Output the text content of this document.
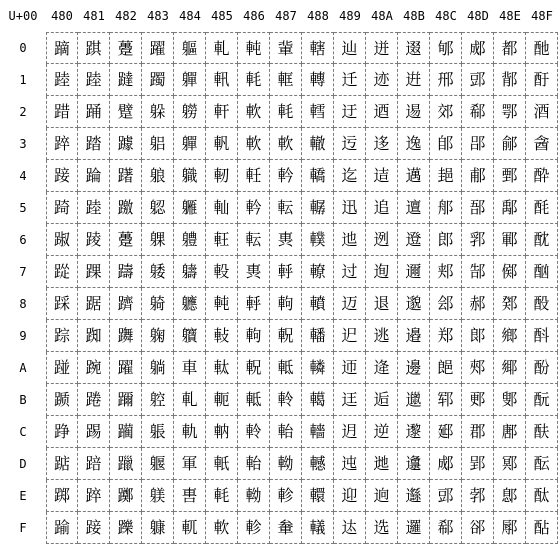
U+00	480 481 482 483 484 485 486 487 488 489 48A 48B 48C 48D 48E 48F
0
1
2
3
4
5
6
7
8
9
A
B
C
D
E
F
蹢 踑 躉 躍 軀 軋 軘 軰 轄 辿 迸 逫 郇 郕 都 酏
踛 踛 躂 躅 軃 軐 軞 軭 轉 迁 迹 逬 郉 郖 鄁 酑
踖 踊 躄 躲 軂 軒 軟 軞 轌 迂 迺 逷 郊 郗 鄂 酒
踤 踏 躆 躳 軃 軓 軟 軟 轍 迃 迻 逸 郋 郘 鄃 酓
踥 踚 躇 躴 軄 軔 軠 軡 轎 迄 迼 邁 郌 郙 鄄 酔
踦 踛 躈 躵 軅 軕 軡 転 轏 迅 追 邅 郍 郚 鄅 酕
踧 踜 躉 躶 軆 軖 転 軣 轐 迆 迾 邆 郎 郛 鄆 酖
踨 踝 躊 躷 軇 軗 軣 軤 轑 过 迿 邇 郏 郜 鄇 酗
踩 踞 躋 躸 軈 軘 軤 軥 轒 迈 退 邈 郐 郝 鄈 酘
踪 踟 躌 躹 軉 軙 軥 軦 轓 迉 逃 邉 郑 郞 鄉 酙
踫 踠 躍 躺 車 軚 軦 軧 轔 迊 逄 邊 郒 郟 鄊 酚
踬 踡 躎 躻 軋 軛 軧 軨 轕 迋 逅 邋 郓 郠 鄋 酛
踭 踢 躏 躼 軌 軜 軨 軩 轖 迌 逆 邌 郔 郡 鄌 酜
踮 踣 躐 躽 軍 軝 軩 軪 轗 迍 逇 邍 郕 郢 鄍 酝
踯 踤 躑 躾 軎 軞 軪 軫 轘 迎 逈 邎 郖 郣 鄎 酞
踰 踥 躒 躿 軏 軟 軫 軬 轙 迏 选 邏 郗 郤 鄏 酟
